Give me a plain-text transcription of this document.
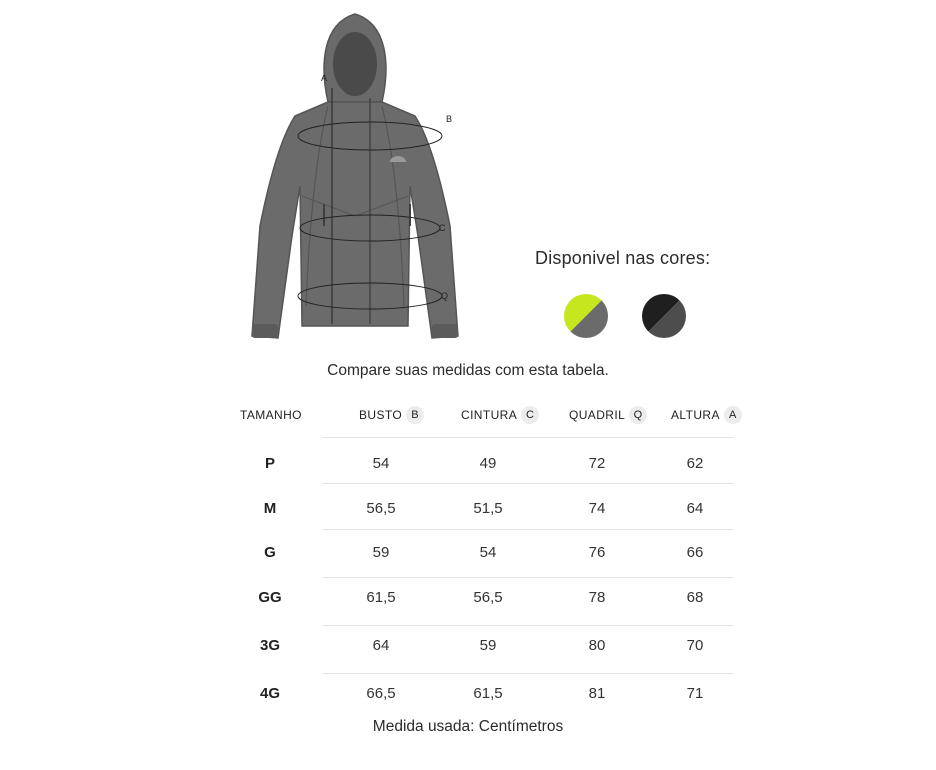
A
B
C
Q
Disponivel nas cores:
Compare suas medidas com esta tabela.
TAMANHO	BUSTO B	CINTURA C	QUADRIL Q	ALTURA A
P	54	49	72	62
M	56,5	51,5	74	64
G	59	54	76	66
GG	61,5	56,5	78	68
3G	64	59	80	70
4G	66,5	61,5	81	71
Medida usada: Centímetros
